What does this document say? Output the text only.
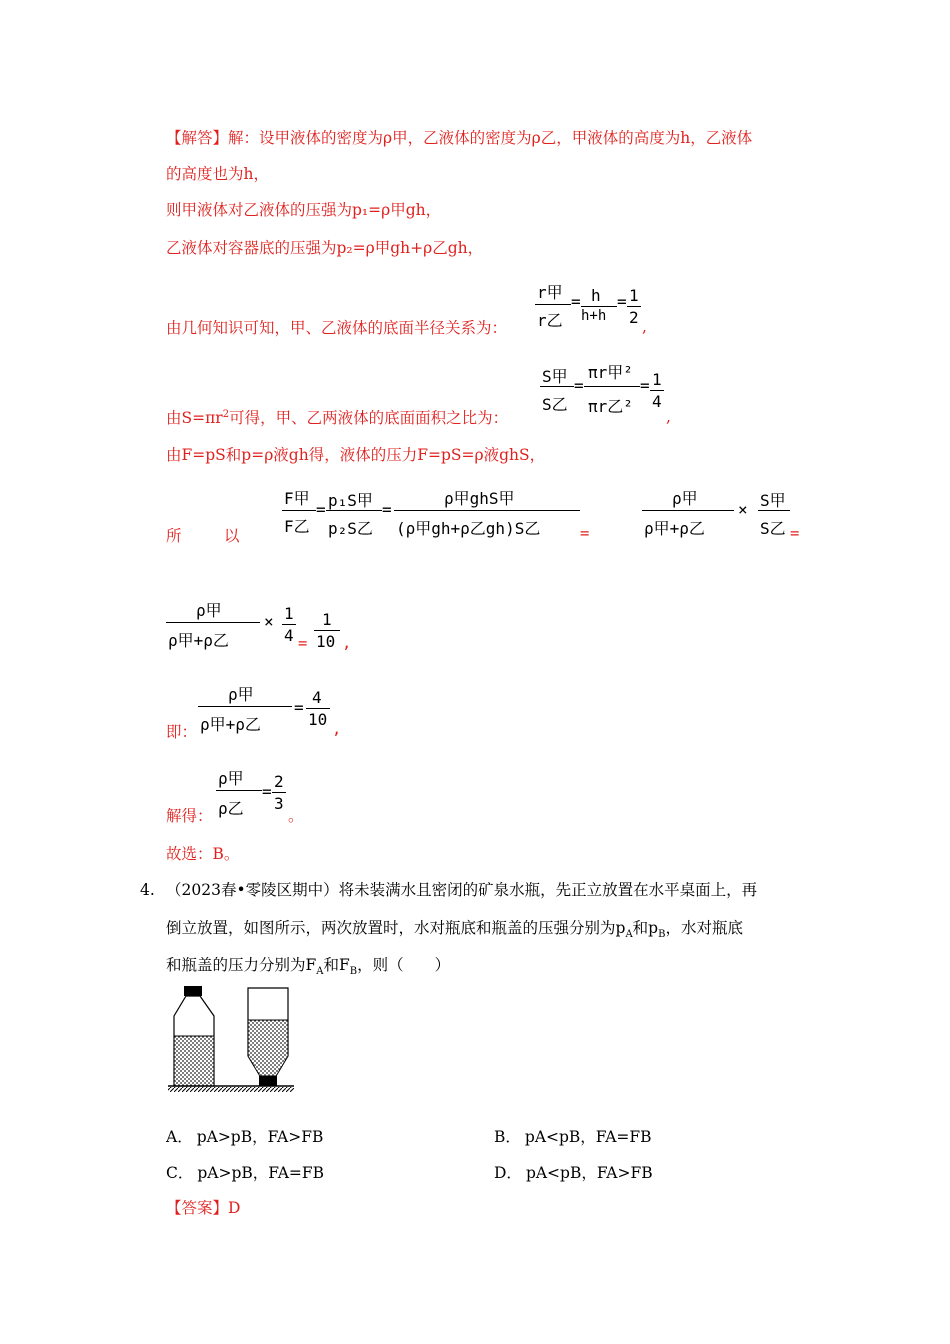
【解答】解：设甲液体的密度为ρ甲，乙液体的密度为ρ乙，甲液体的高度为h，乙液体
的高度也为h，
则甲液体对乙液体的压强为p₁=ρ甲gh，
乙液体对容器底的压强为p₂=ρ甲gh+ρ乙gh，
由几何知识可知，甲、乙液体的底面半径关系为：
r甲
r乙
= h
h+h
= 1
2 ,
由$S=\pi r^2$可得，甲、乙两液体的底面面积之比为：
S甲
S乙
=
πr甲²
πr乙²
= 1
4
,
由F=pS和p=ρ液gh得，液体的压力F=pS=ρ液ghS，
所	以
F甲
F乙
= p₁S甲
p₂S乙
=
ρ甲ghS甲
(ρ甲gh+ρ乙gh)S乙	=
ρ甲
ρ甲+ρ乙
× S甲
S乙 =
ρ甲
ρ甲+ρ乙
× 1
4 =
1
10 ,
即：
ρ甲
ρ甲+ρ乙
=
4
10 ,
解得：
ρ甲
ρ乙
=
2
3
。
故选：B。
4. （2023春•零陵区期中）将未装满水且密闭的矿泉水瓶，先正立放置在水平桌面上，再
倒立放置，如图所示，两次放置时，水对瓶底和瓶盖的压强分别为$p_A$和$p_B$，水对瓶底
和瓶盖的压力分别为$F_A$和$F_B$，则（　　）
A． pA>pB，FA>FB	B． pA<pB，FA=FB
C． pA>pB，FA=FB	D． pA<pB，FA>FB
【答案】D
